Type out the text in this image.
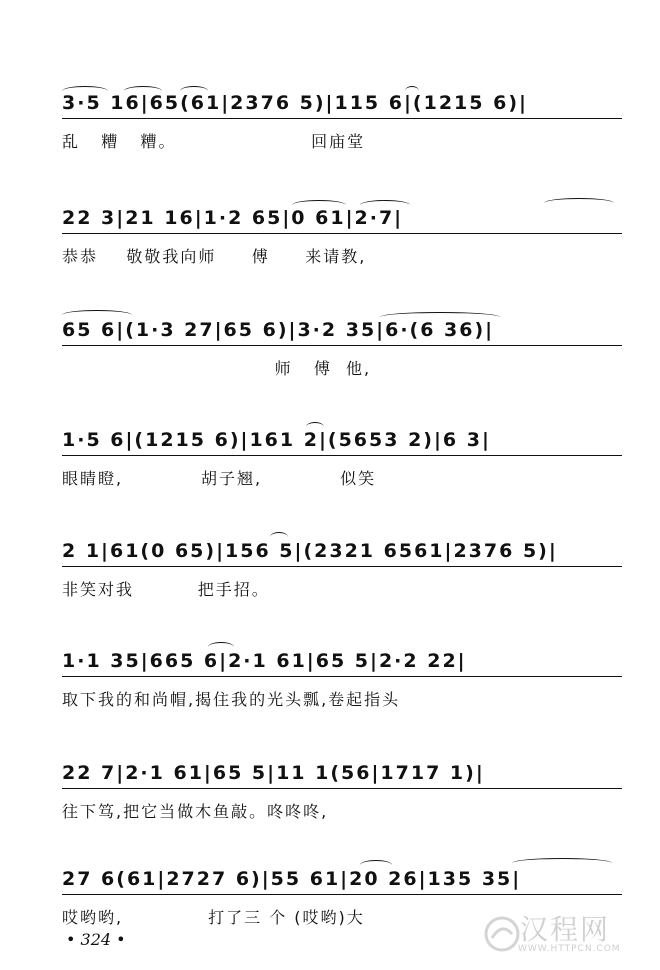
3·5 16|65(61|2376 5)|115 6|(1215 6)|
乱   糟   糟。                   回庙堂
22 3|21 16|1·2 65|0 61|2·7|
恭恭    敬敬我向师     傅     来请教,
65 6|(1·3 27|65 6)|3·2 35|6·(6 36)|
师   傅  他,
1·5 6|(1215 6)|161 2|(5653 2)|6 3|
眼睛瞪,           胡子翘,           似笑
2 1|61(0 65)|156 5|(2321 6561|2376 5)|
非笑对我         把手招。
1·1 35|665 6|2·1 61|65 5|2·2 22|
取下我的和尚帽,揭住我的光头瓢,卷起指头
22 7|2·1 61|65 5|11 1(56|1717 1)|
往下笃,把它当做木鱼敲。咚咚咚,
27 6(61|2727 6)|55 61|20 26|135 35|
哎哟哟,            打了三 个 (哎哟)大
• 324 •	汉程网
WWW.HTTPCN.COM
